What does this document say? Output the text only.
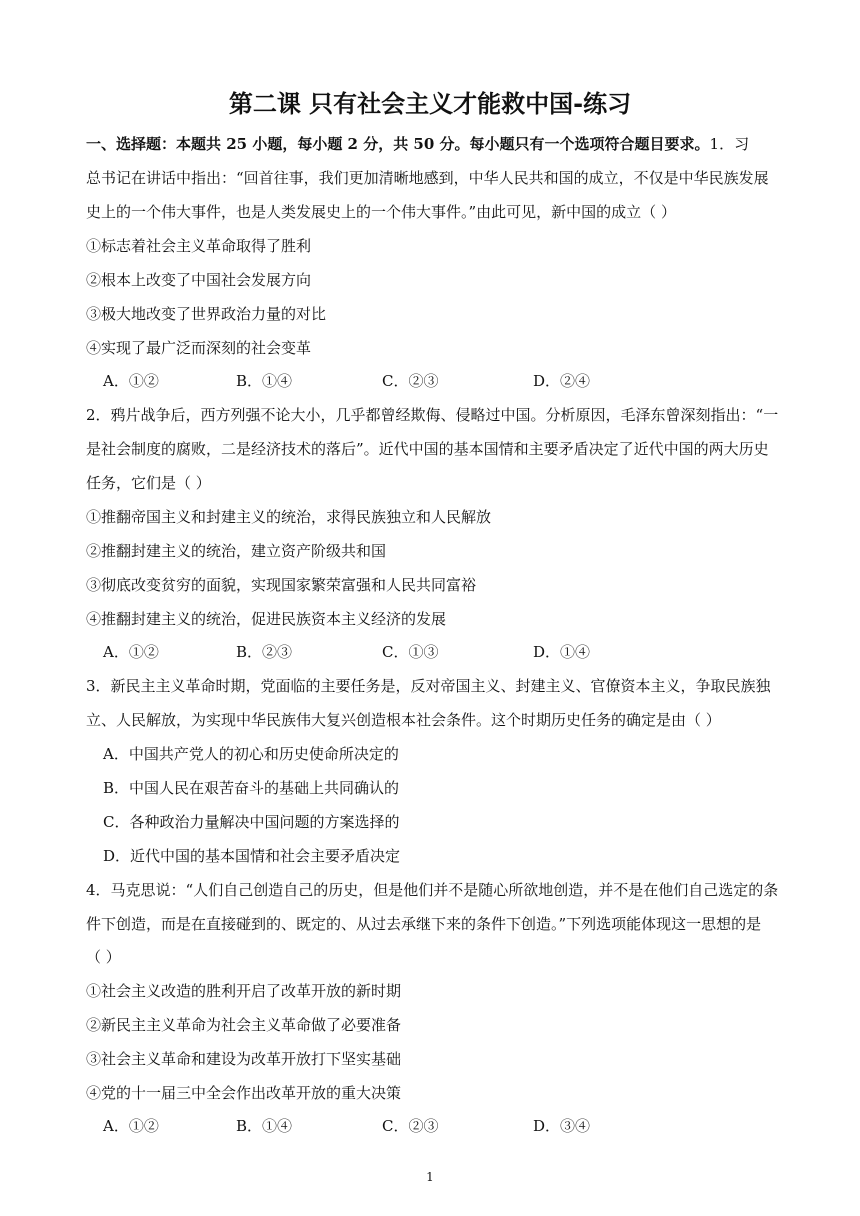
第二课 只有社会主义才能救中国-练习
一、选择题：本题共 25 小题，每小题 2 分，共 50 分。每小题只有一个选项符合题目要求。1．习
总书记在讲话中指出：“回首往事，我们更加清晰地感到，中华人民共和国的成立，不仅是中华民族发展
史上的一个伟大事件，也是人类发展史上的一个伟大事件。”由此可见，新中国的成立（ ）
①标志着社会主义革命取得了胜利
②根本上改变了中国社会发展方向
③极大地改变了世界政治力量的对比
④实现了最广泛而深刻的社会变革
A．①②	B．①④	C．②③	D．②④
2．鸦片战争后，西方列强不论大小，几乎都曾经欺侮、侵略过中国。分析原因，毛泽东曾深刻指出：“一
是社会制度的腐败，二是经济技术的落后”。近代中国的基本国情和主要矛盾决定了近代中国的两大历史
任务，它们是（ ）
①推翻帝国主义和封建主义的统治，求得民族独立和人民解放
②推翻封建主义的统治，建立资产阶级共和国
③彻底改变贫穷的面貌，实现国家繁荣富强和人民共同富裕
④推翻封建主义的统治，促进民族资本主义经济的发展
A．①②	B．②③	C．①③	D．①④
3．新民主主义革命时期，党面临的主要任务是，反对帝国主义、封建主义、官僚资本主义，争取民族独
立、人民解放，为实现中华民族伟大复兴创造根本社会条件。这个时期历史任务的确定是由（ ）
A．中国共产党人的初心和历史使命所决定的
B．中国人民在艰苦奋斗的基础上共同确认的
C．各种政治力量解决中国问题的方案选择的
D．近代中国的基本国情和社会主要矛盾决定
4．马克思说：“人们自己创造自己的历史，但是他们并不是随心所欲地创造，并不是在他们自己选定的条
件下创造，而是在直接碰到的、既定的、从过去承继下来的条件下创造。”下列选项能体现这一思想的是
（ ）
①社会主义改造的胜利开启了改革开放的新时期
②新民主主义革命为社会主义革命做了必要准备
③社会主义革命和建设为改革开放打下坚实基础
④党的十一届三中全会作出改革开放的重大决策
A．①②	B．①④	C．②③	D．③④
1
